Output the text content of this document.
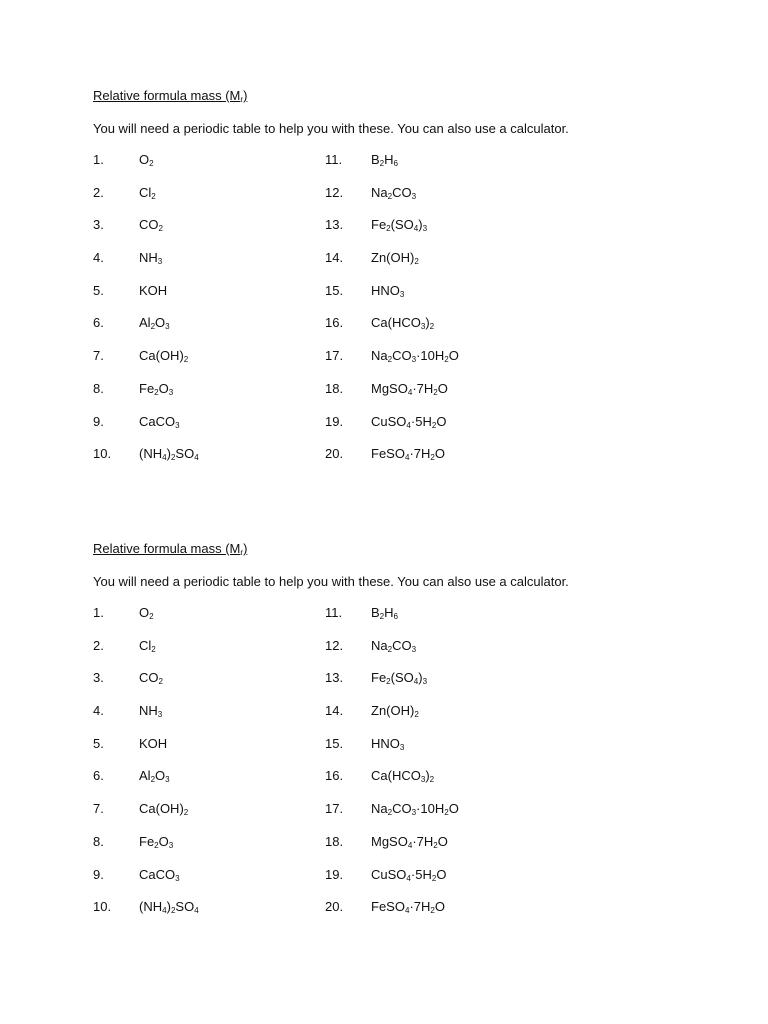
Relative formula mass $(M_r)$
You will need a periodic table to help you with these. You can also use a calculator.
1.	$O_2$
2.	$Cl_2$
3.	$CO_2$
4.	$NH_3$
5.	KOH
6.	$Al_2O_3$
7.	$Ca(OH)_2$
8.	$Fe_2O_3$
9.	CaCO$_3$
10.	$(NH_4)_2SO_4$
11.	$B_2H_6$
12.	$Na_2CO_3$
13.	$Fe_2(SO_4)_3$
14.	$Zn(OH)_2$
15.	$HNO_3$
16.	$Ca(HCO_3)_2$
17.	$Na_2CO_3\cdot 10H_2O$
18.	$MgSO_4\cdot 7H_2O$
19.	$CuSO_4\cdot 5H_2O$
20.	$FeSO_4\cdot 7H_2O$
Relative formula mass $(M_r)$
You will need a periodic table to help you with these. You can also use a calculator.
1.	$O_2$
2.	$Cl_2$
3.	$CO_2$
4.	$NH_3$
5.	KOH
6.	$Al_2O_3$
7.	$Ca(OH)_2$
8.	$Fe_2O_3$
9.	CaCO$_3$
10.	$(NH_4)_2SO_4$
11.	$B_2H_6$
12.	$Na_2CO_3$
13.	$Fe_2(SO_4)_3$
14.	$Zn(OH)_2$
15.	$HNO_3$
16.	$Ca(HCO_3)_2$
17.	$Na_2CO_3\cdot 10H_2O$
18.	$MgSO_4\cdot 7H_2O$
19.	$CuSO_4\cdot 5H_2O$
20.	$FeSO_4\cdot 7H_2O$
